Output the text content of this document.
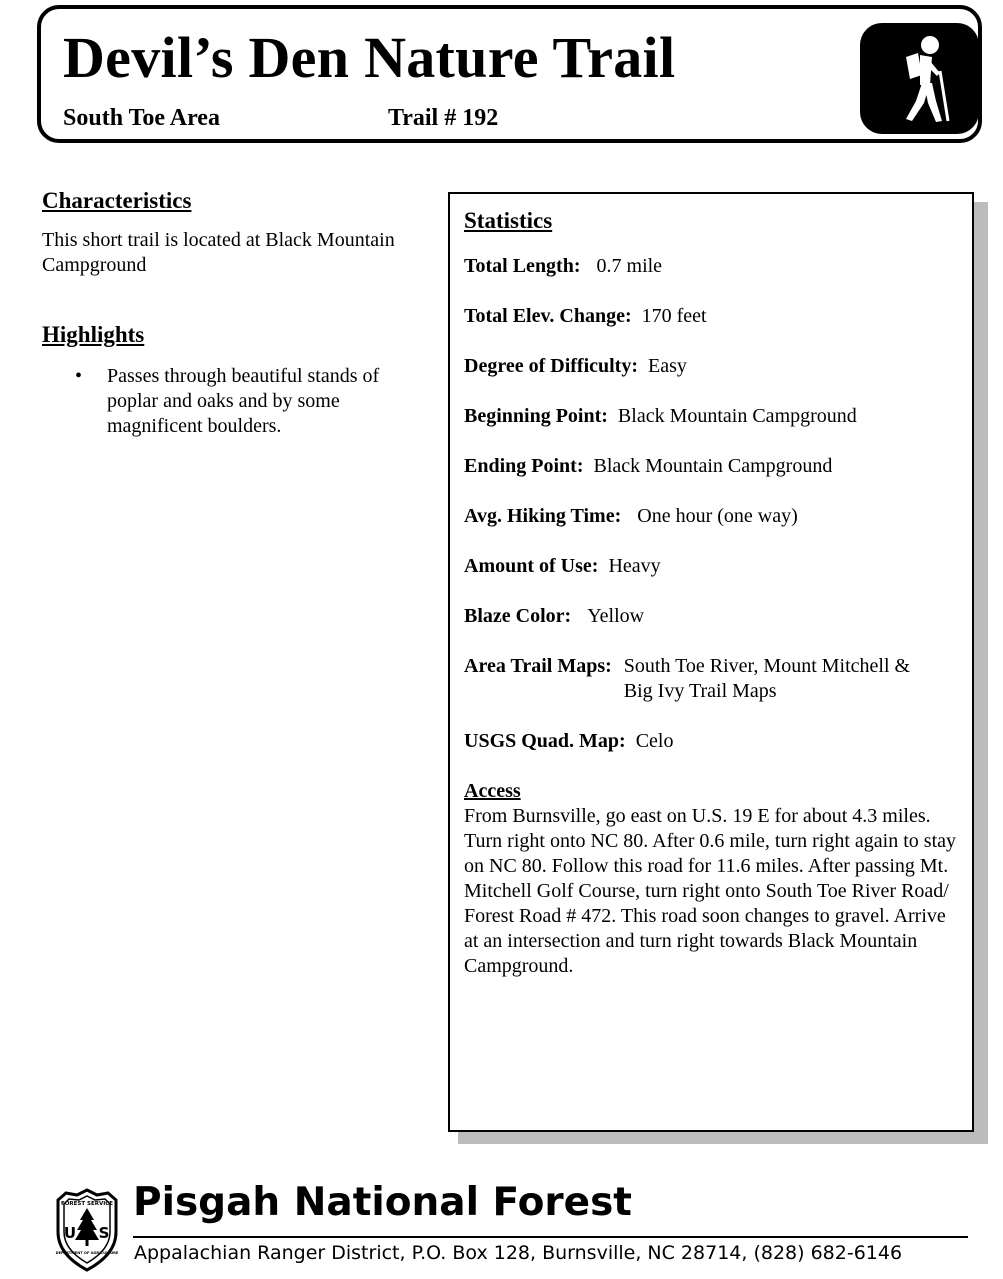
Devil’s Den Nature Trail
South Toe Area	Trail # 192
Characteristics

This short trail is located at Black Mountain Campground

Highlights
• Passes through beautiful stands of poplar and oaks and by some magnificent boulders.
Statistics
Total Length: 0.7 mile
Total Elev. Change: 170 feet
Degree of Difficulty: Easy
Beginning Point: Black Mountain Campground
Ending Point: Black Mountain Campground
Avg. Hiking Time: One hour (one way)
Amount of Use: Heavy
Blaze Color: Yellow
Area Trail Maps: South Toe River, Mount Mitchell & Big Ivy Trail Maps
USGS Quad. Map: Celo
Access
From Burnsville, go east on U.S. 19 E for about 4.3 miles. Turn right onto NC 80. After 0.6 mile, turn right again to stay on NC 80. Follow this road for 11.6 miles. After passing Mt. Mitchell Golf Course, turn right onto South Toe River Road/ Forest Road # 472. This road soon changes to gravel. Arrive at an intersection and turn right towards Black Mountain Campground.
FOREST SERVICE
U S
DEPARTMENT OF AGRICULTURE
Pisgah National Forest
Appalachian Ranger District, P.O. Box 128, Burnsville, NC 28714, (828) 682-6146
